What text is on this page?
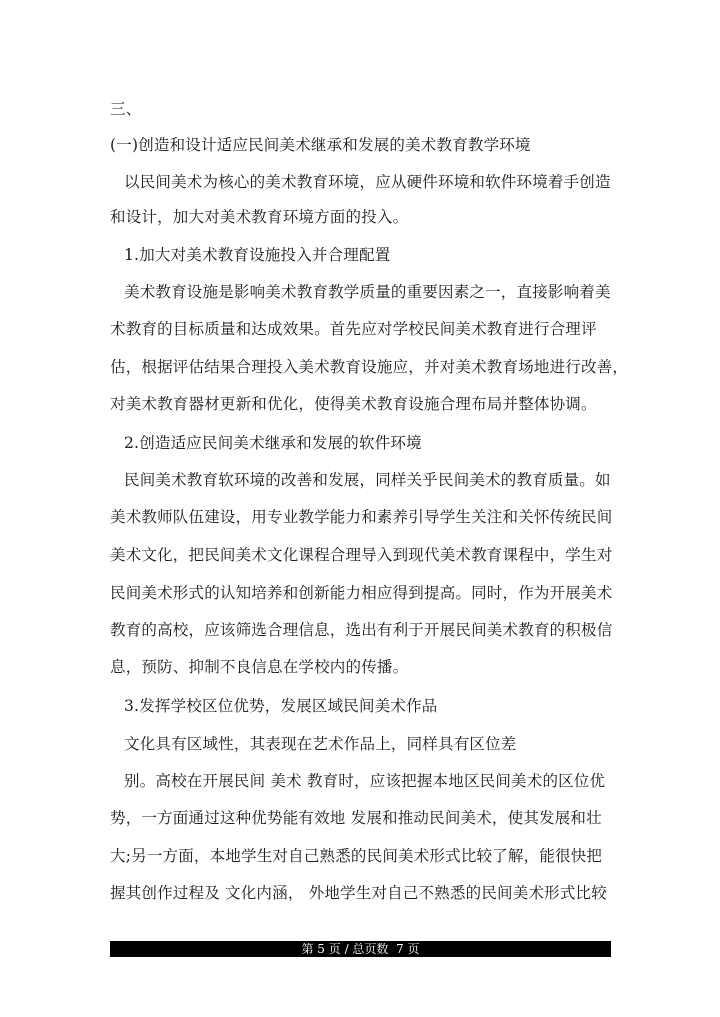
三、
(一)创造和设计适应民间美术继承和发展的美术教育教学环境
以民间美术为核心的美术教育环境，应从硬件环境和软件环境着手创造
和设计，加大对美术教育环境方面的投入。
1.加大对美术教育设施投入并合理配置
美术教育设施是影响美术教育教学质量的重要因素之一，直接影响着美
术教育的目标质量和达成效果。首先应对学校民间美术教育进行合理评
估，根据评估结果合理投入美术教育设施应，并对美术教育场地进行改善，
对美术教育器材更新和优化，使得美术教育设施合理布局并整体协调。
2.创造适应民间美术继承和发展的软件环境
民间美术教育软环境的改善和发展，同样关乎民间美术的教育质量。如
美术教师队伍建设，用专业教学能力和素养引导学生关注和关怀传统民间
美术文化，把民间美术文化课程合理导入到现代美术教育课程中，学生对
民间美术形式的认知培养和创新能力相应得到提高。同时，作为开展美术
教育的高校，应该筛选合理信息，选出有利于开展民间美术教育的积极信
息，预防、抑制不良信息在学校内的传播。
3.发挥学校区位优势，发展区域民间美术作品
文化具有区域性，其表现在艺术作品上，同样具有区位差
别。高校在开展民间 美术 教育时，应该把握本地区民间美术的区位优
势，一方面通过这种优势能有效地 发展和推动民间美术，使其发展和壮
大;另一方面，本地学生对自己熟悉的民间美术形式比较了解，能很快把
握其创作过程及 文化内涵， 外地学生对自己不熟悉的民间美术形式比较
第 5 页 / 总页数  7 页
